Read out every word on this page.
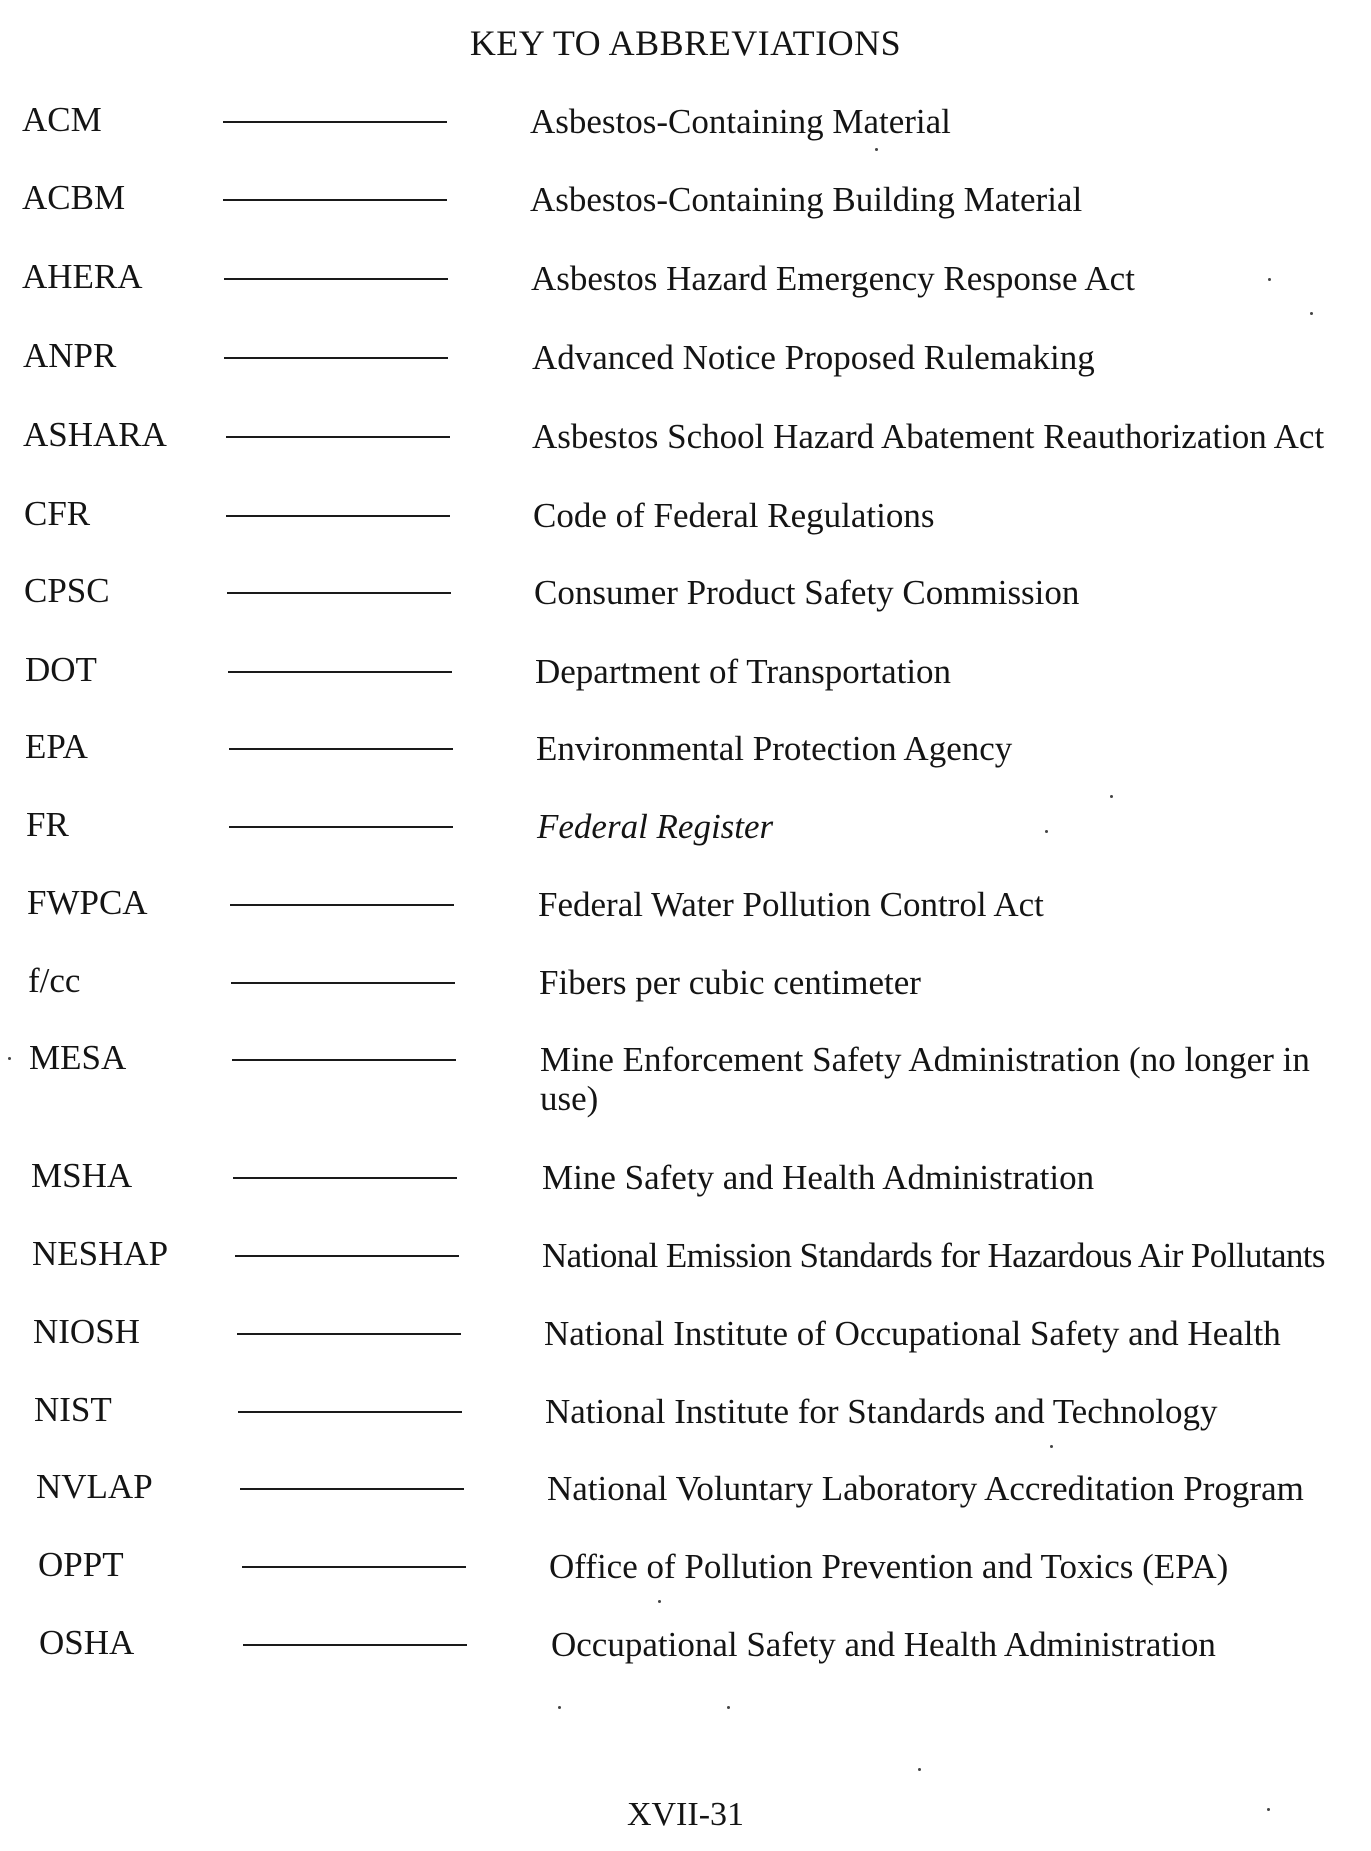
KEY TO ABBREVIATIONS
ACM	Asbestos-Containing Material
ACBM	Asbestos-Containing Building Material
AHERA	Asbestos Hazard Emergency Response Act
ANPR	Advanced Notice Proposed Rulemaking
ASHARA	Asbestos School Hazard Abatement Reauthorization Act
CFR	Code of Federal Regulations
CPSC	Consumer Product Safety Commission
DOT	Department of Transportation
EPA	Environmental Protection Agency
FR	Federal Register
FWPCA	Federal Water Pollution Control Act
f/cc	Fibers per cubic centimeter
MESA	Mine Enforcement Safety Administration (no longer in use)
MSHA	Mine Safety and Health Administration
NESHAP	National Emission Standards for Hazardous Air Pollutants
NIOSH	National Institute of Occupational Safety and Health
NIST	National Institute for Standards and Technology
NVLAP	National Voluntary Laboratory Accreditation Program
OPPT	Office of Pollution Prevention and Toxics (EPA)
OSHA	Occupational Safety and Health Administration
XVII-31
